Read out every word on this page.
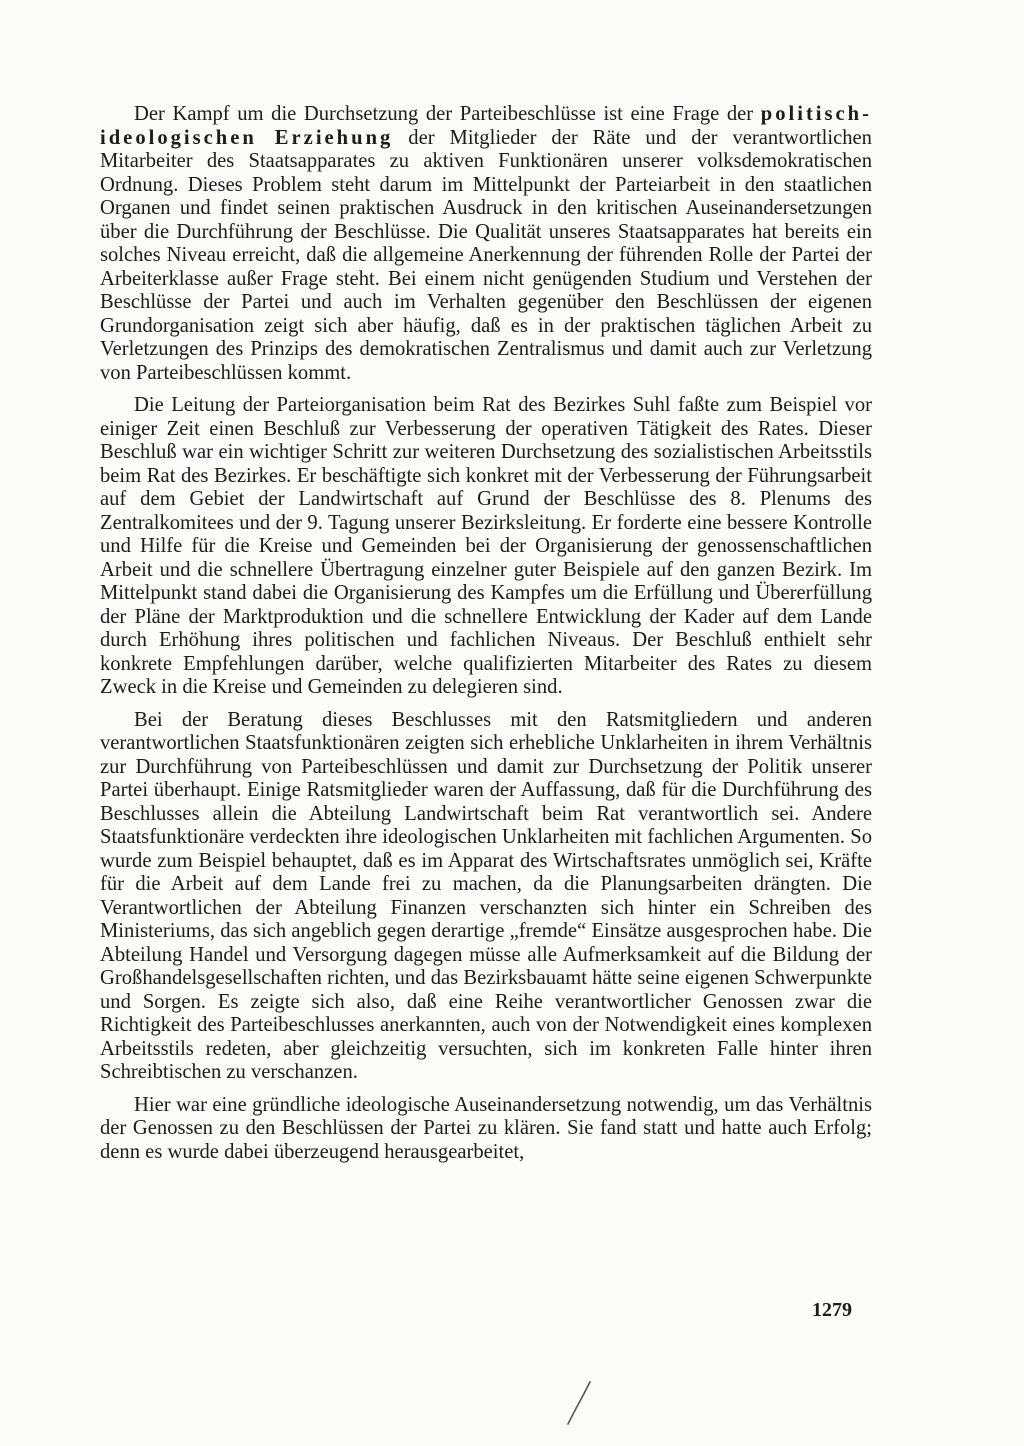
Der Kampf um die Durchsetzung der Parteibeschlüsse ist eine Frage der politisch-ideologischen Erziehung der Mitglieder der Räte und der verantwortlichen Mitarbeiter des Staatsapparates zu aktiven Funktionären unserer volksdemokratischen Ordnung. Dieses Problem steht darum im Mittelpunkt der Parteiarbeit in den staatlichen Organen und findet seinen praktischen Ausdruck in den kritischen Auseinandersetzungen über die Durchführung der Beschlüsse. Die Qualität unseres Staatsapparates hat bereits ein solches Niveau erreicht, daß die allgemeine Anerkennung der führenden Rolle der Partei der Arbeiterklasse außer Frage steht. Bei einem nicht genügenden Studium und Verstehen der Beschlüsse der Partei und auch im Verhalten gegenüber den Beschlüssen der eigenen Grundorganisation zeigt sich aber häufig, daß es in der praktischen täglichen Arbeit zu Verletzungen des Prinzips des demokratischen Zentralismus und damit auch zur Verletzung von Parteibeschlüssen kommt.

Die Leitung der Parteiorganisation beim Rat des Bezirkes Suhl faßte zum Beispiel vor einiger Zeit einen Beschluß zur Verbesserung der operativen Tätigkeit des Rates. Dieser Beschluß war ein wichtiger Schritt zur weiteren Durchsetzung des sozialistischen Arbeitsstils beim Rat des Bezirkes. Er beschäftigte sich konkret mit der Verbesserung der Führungsarbeit auf dem Gebiet der Landwirtschaft auf Grund der Beschlüsse des 8. Plenums des Zentralkomitees und der 9. Tagung unserer Bezirksleitung. Er forderte eine bessere Kontrolle und Hilfe für die Kreise und Gemeinden bei der Organisierung der genossenschaftlichen Arbeit und die schnellere Übertragung einzelner guter Beispiele auf den ganzen Bezirk. Im Mittelpunkt stand dabei die Organisierung des Kampfes um die Erfüllung und Übererfüllung der Pläne der Marktproduktion und die schnellere Entwicklung der Kader auf dem Lande durch Erhöhung ihres politischen und fachlichen Niveaus. Der Beschluß enthielt sehr konkrete Empfehlungen darüber, welche qualifizierten Mitarbeiter des Rates zu diesem Zweck in die Kreise und Gemeinden zu delegieren sind.

Bei der Beratung dieses Beschlusses mit den Ratsmitgliedern und anderen verantwortlichen Staatsfunktionären zeigten sich erhebliche Unklarheiten in ihrem Verhältnis zur Durchführung von Parteibeschlüssen und damit zur Durchsetzung der Politik unserer Partei überhaupt. Einige Ratsmitglieder waren der Auffassung, daß für die Durchführung des Beschlusses allein die Abteilung Landwirtschaft beim Rat verantwortlich sei. Andere Staatsfunktionäre verdeckten ihre ideologischen Unklarheiten mit fachlichen Argumenten. So wurde zum Beispiel behauptet, daß es im Apparat des Wirtschaftsrates unmöglich sei, Kräfte für die Arbeit auf dem Lande frei zu machen, da die Planungsarbeiten drängten. Die Verantwortlichen der Abteilung Finanzen verschanzten sich hinter ein Schreiben des Ministeriums, das sich angeblich gegen derartige „fremde“ Einsätze ausgesprochen habe. Die Abteilung Handel und Versorgung dagegen müsse alle Aufmerksamkeit auf die Bildung der Großhandelsgesellschaften richten, und das Bezirksbauamt hätte seine eigenen Schwerpunkte und Sorgen. Es zeigte sich also, daß eine Reihe verantwortlicher Genossen zwar die Richtigkeit des Parteibeschlusses anerkannten, auch von der Notwendigkeit eines komplexen Arbeitsstils redeten, aber gleichzeitig versuchten, sich im konkreten Falle hinter ihren Schreibtischen zu verschanzen.

Hier war eine gründliche ideologische Auseinandersetzung notwendig, um das Verhältnis der Genossen zu den Beschlüssen der Partei zu klären. Sie fand statt und hatte auch Erfolg; denn es wurde dabei überzeugend herausgearbeitet,

1279
